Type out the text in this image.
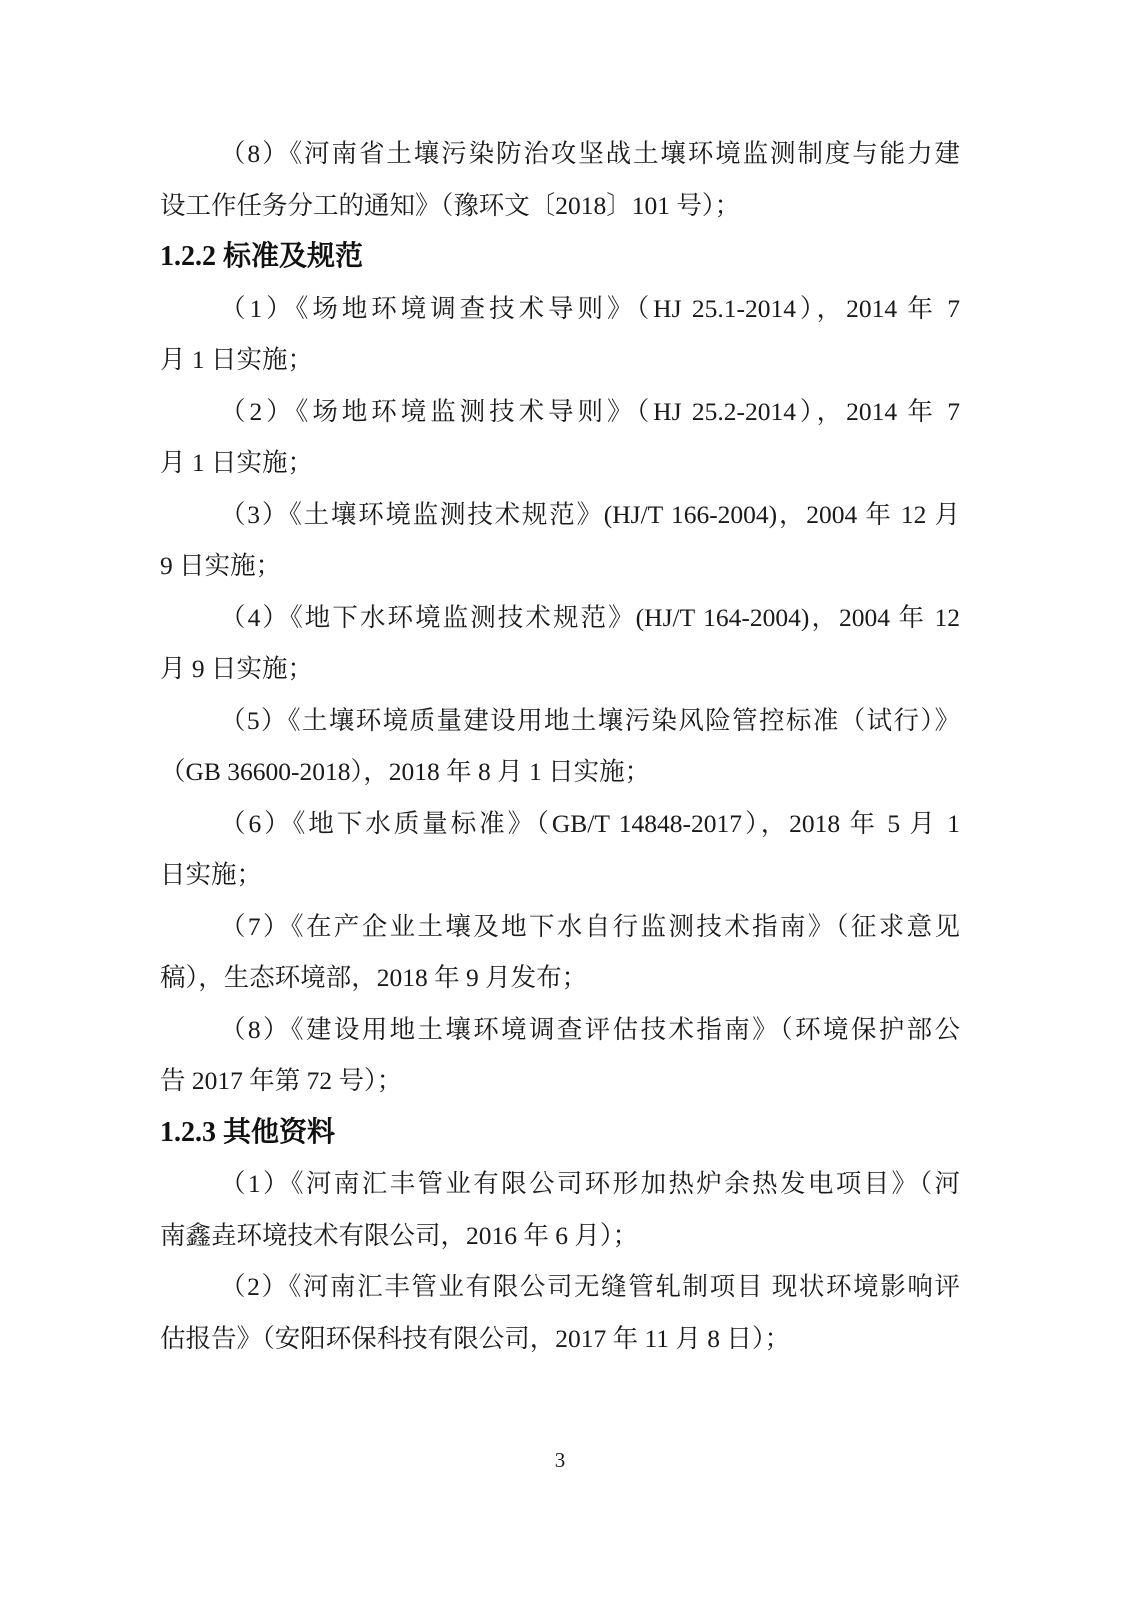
（8）《河南省土壤污染防治攻坚战土壤环境监测制度与能力建
设工作任务分工的通知》（豫环文〔2018〕101 号）；
1.2.2 标准及规范
（1）《场地环境调查技术导则》（HJ 25.1-2014），2014 年 7
月 1 日实施；
（2）《场地环境监测技术导则》（HJ 25.2-2014），2014 年 7
月 1 日实施；
（3）《土壤环境监测技术规范》(HJ/T 166-2004)，2004 年 12 月
9 日实施；
（4）《地下水环境监测技术规范》(HJ/T 164-2004)，2004 年 12
月 9 日实施；
（5）《土壤环境质量建设用地土壤污染风险管控标准（试行）》
（GB 36600-2018），2018 年 8 月 1 日实施；
（6）《地下水质量标准》（GB/T 14848-2017），2018 年 5 月 1
日实施；
（7）《在产企业土壤及地下水自行监测技术指南》（征求意见
稿），生态环境部，2018 年 9 月发布；
（8）《建设用地土壤环境调查评估技术指南》（环境保护部公
告 2017 年第 72 号）；
1.2.3 其他资料
（1）《河南汇丰管业有限公司环形加热炉余热发电项目》（河
南鑫垚环境技术有限公司，2016 年 6 月）；
（2）《河南汇丰管业有限公司无缝管轧制项目 现状环境影响评
估报告》（安阳环保科技有限公司，2017 年 11 月 8 日）；
3
